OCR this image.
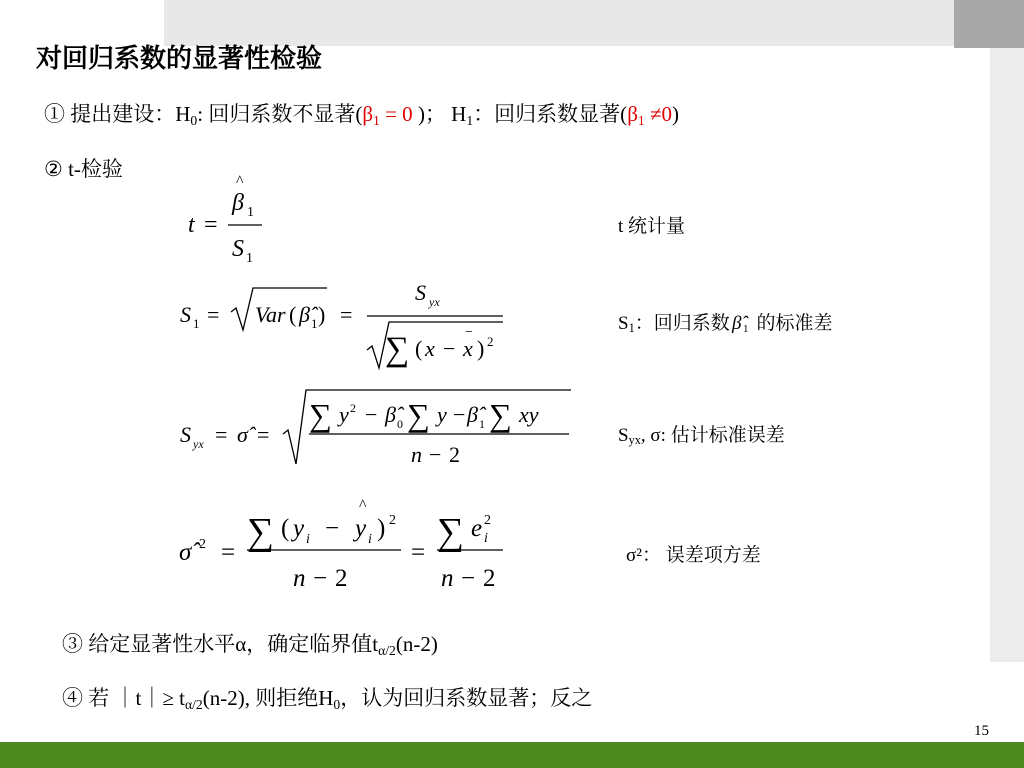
对回归系数的显著性检验
① 提出建设：$H_0$: 回归系数不显著($\beta_1 = 0$ )； $H_1$：回归系数显著$(\beta_1 \ne 0)$
② t-检验
t =
^
β 1
S 1
t 统计量
S 1 = Var ( β̂ 1 ) =
S yx
∑ ( x − x
−
) 2
$S_1$：回归系数 β̂ 1 的标准差
S yx = σ̂ =
∑ y 2 − β̂ 0 ∑ y − β̂ 1 ∑ xy
n − 2
$S_{yx}$, σ: 估计标准误差
σ̂ 2 = ∑ ( y i −
^
y i ) 2
n − 2
= ∑ e i
2
n − 2
σ²： 误差项方差
③ 给定显著性水平α，确定临界值$t_{\alpha/2}(n-2)$
④ 若 ｜t｜≥ $t_{\alpha/2}(n-2)$, 则拒绝$H_0$，认为回归系数显著；反之
15
